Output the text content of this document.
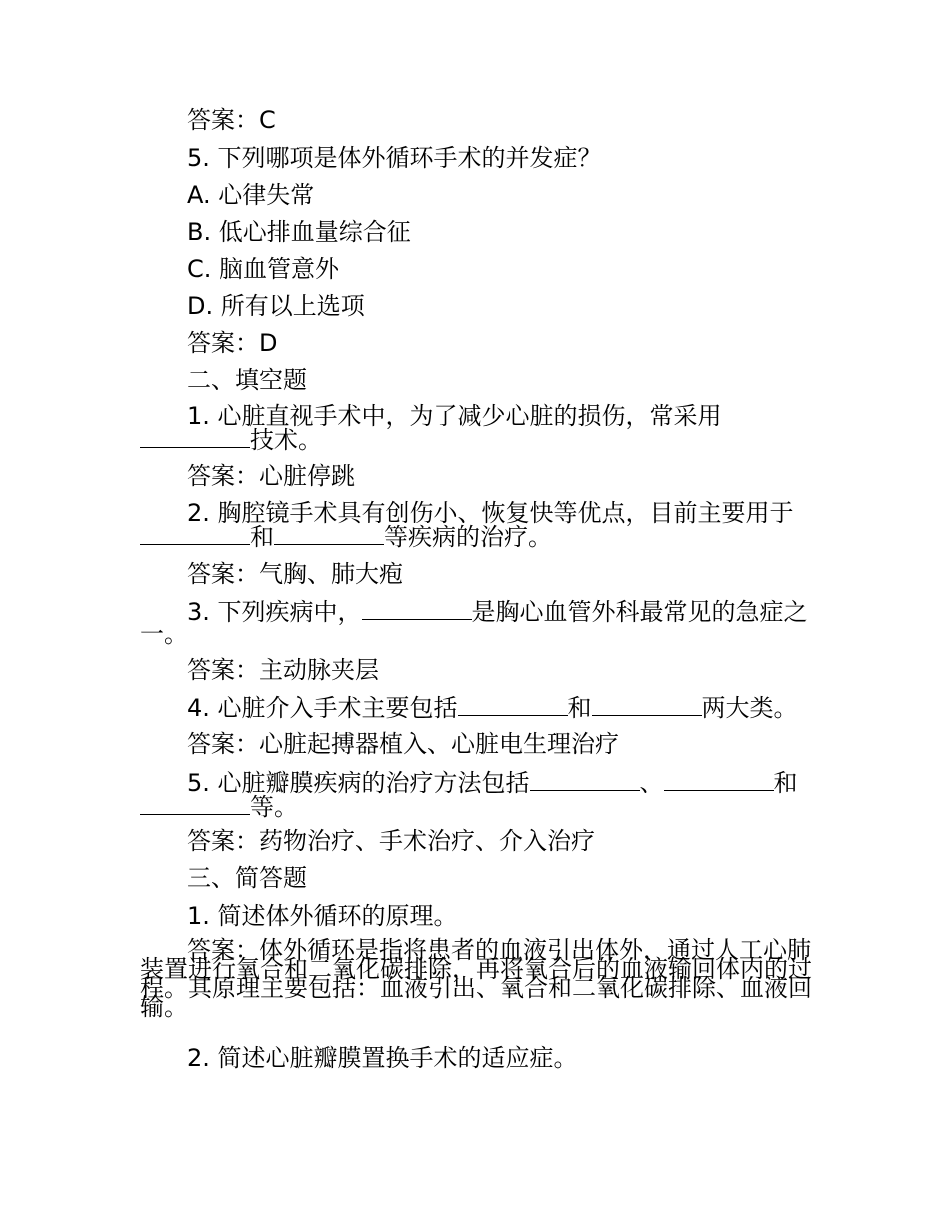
答案：C
5. 下列哪项是体外循环手术的并发症？
A. 心律失常
B. 低心排血量综合征
C. 脑血管意外
D. 所有以上选项
答案：D
二、填空题
1. 心脏直视手术中，为了减少心脏的损伤，常采用技术。
答案：心脏停跳
2. 胸腔镜手术具有创伤小、恢复快等优点，目前主要用于和	等疾病的治疗。
答案：气胸、肺大疱
3. 下列疾病中，	是胸心血管外科最常见的急症之一。
答案：主动脉夹层
4. 心脏介入手术主要包括	和	两大类。
答案：心脏起搏器植入、心脏电生理治疗
5. 心脏瓣膜疾病的治疗方法包括	、	和等。
答案：药物治疗、手术治疗、介入治疗
三、简答题
1. 简述体外循环的原理。
答案：体外循环是指将患者的血液引出体外，通过人工心肺装置进行氧合和二氧化碳排除，再将氧合后的血液输回体内的过程。其原理主要包括：血液引出、氧合和二氧化碳排除、血液回输。
2. 简述心脏瓣膜置换手术的适应症。
